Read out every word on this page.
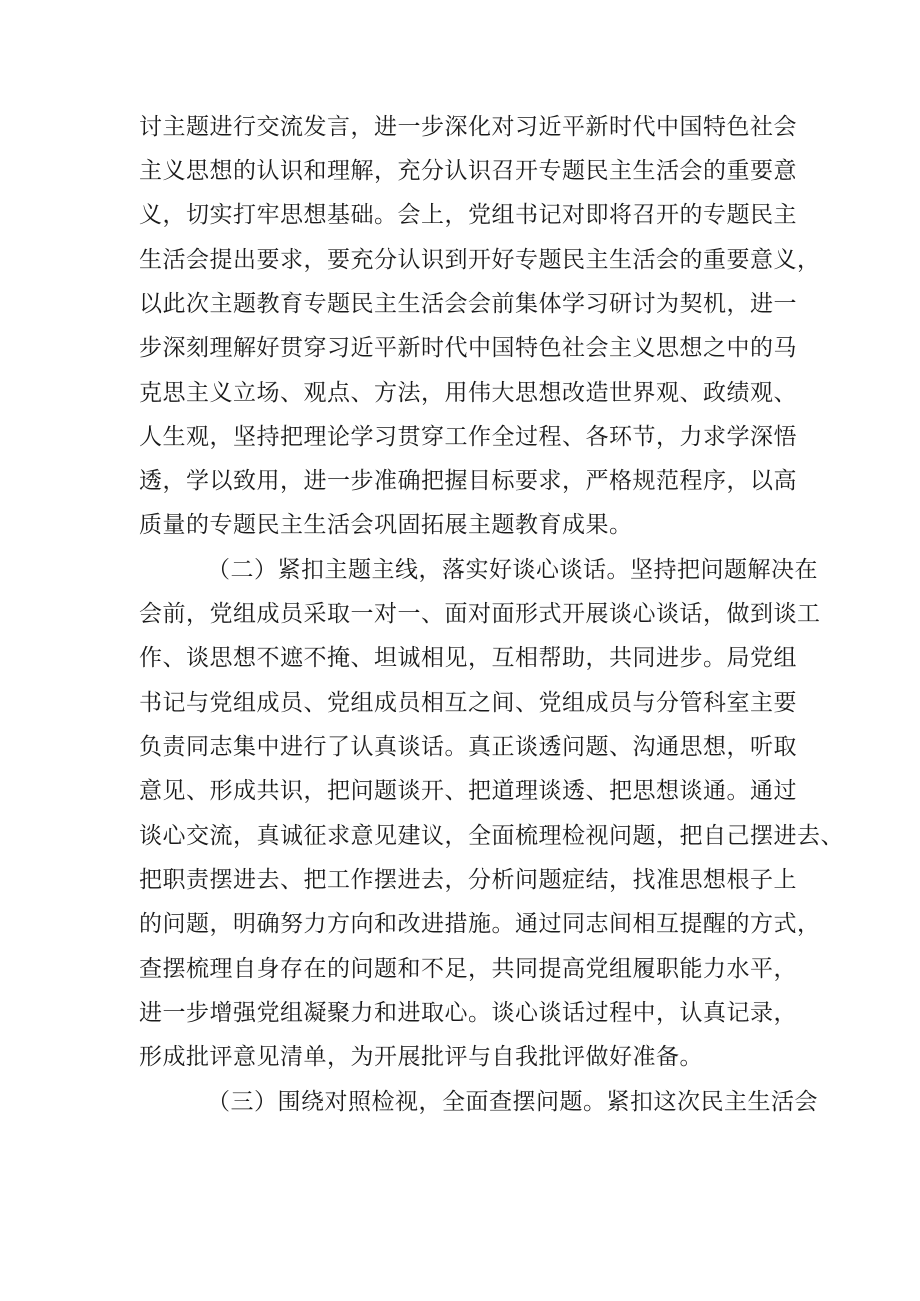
讨主题进行交流发言，进一步深化对习近平新时代中国特色社会
主义思想的认识和理解，充分认识召开专题民主生活会的重要意
义，切实打牢思想基础。会上，党组书记对即将召开的专题民主
生活会提出要求，要充分认识到开好专题民主生活会的重要意义，
以此次主题教育专题民主生活会会前集体学习研讨为契机，进一
步深刻理解好贯穿习近平新时代中国特色社会主义思想之中的马
克思主义立场、观点、方法，用伟大思想改造世界观、政绩观、
人生观，坚持把理论学习贯穿工作全过程、各环节，力求学深悟
透，学以致用，进一步准确把握目标要求，严格规范程序，以高
质量的专题民主生活会巩固拓展主题教育成果。
（二）紧扣主题主线，落实好谈心谈话。坚持把问题解决在
会前，党组成员采取一对一、面对面形式开展谈心谈话，做到谈工
作、谈思想不遮不掩、坦诚相见，互相帮助，共同进步。局党组
书记与党组成员、党组成员相互之间、党组成员与分管科室主要
负责同志集中进行了认真谈话。真正谈透问题、沟通思想，听取
意见、形成共识，把问题谈开、把道理谈透、把思想谈通。通过
谈心交流，真诚征求意见建议，全面梳理检视问题，把自己摆进去、
把职责摆进去、把工作摆进去，分析问题症结，找准思想根子上
的问题，明确努力方向和改进措施。通过同志间相互提醒的方式，
查摆梳理自身存在的问题和不足，共同提高党组履职能力水平，
进一步增强党组凝聚力和进取心。谈心谈话过程中，认真记录，
形成批评意见清单，为开展批评与自我批评做好准备。
（三）围绕对照检视，全面查摆问题。紧扣这次民主生活会
